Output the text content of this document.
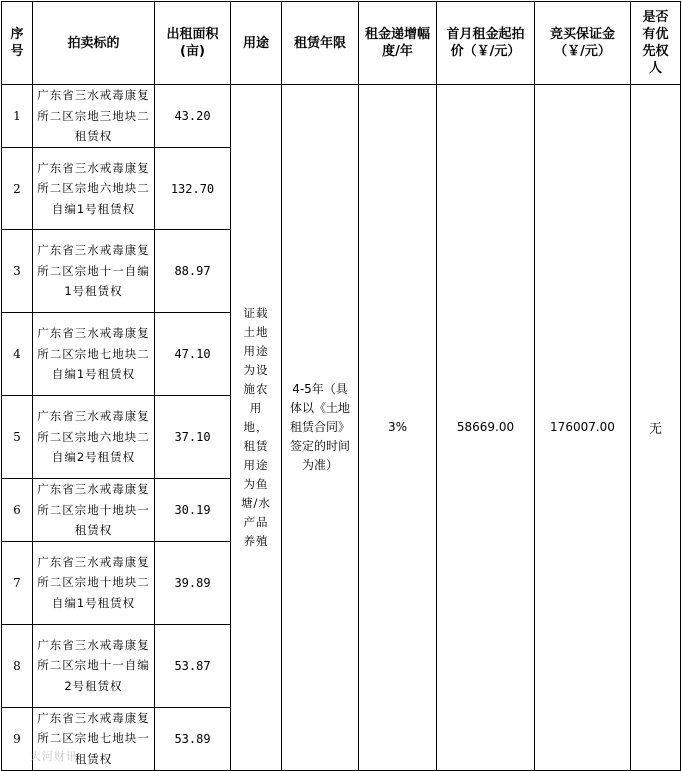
序号	拍卖标的	出租面积(亩)	用途	租赁年限	租金递增幅度/年	首月租金起拍价（￥/元）	竞买保证金（￥/元）	是否有优先权人
1	广东省三水戒毒康复所二区宗地三地块二租赁权	43.20	证载土地用途为设施农用地，租赁用途为鱼塘/水产品养殖	4-5年（具体以《土地租赁合同》签定的时间为准）	3%	58669.00	176007.00	无
2	广东省三水戒毒康复所二区宗地六地块二自编1号租赁权	132.70						
3	广东省三水戒毒康复所二区宗地十一自编1号租赁权	88.97						
4	广东省三水戒毒康复所二区宗地七地块二自编1号租赁权	47.10						
5	广东省三水戒毒康复所二区宗地六地块二自编2号租赁权	37.10						
6	广东省三水戒毒康复所二区宗地十地块一租赁权	30.19						
7	广东省三水戒毒康复所二区宗地十地块二自编1号租赁权	39.89						
8	广东省三水戒毒康复所二区宗地十一自编2号租赁权	53.87						
9	广东省三水戒毒康复所二区宗地七地块一租赁权	53.89						
大河财讯
